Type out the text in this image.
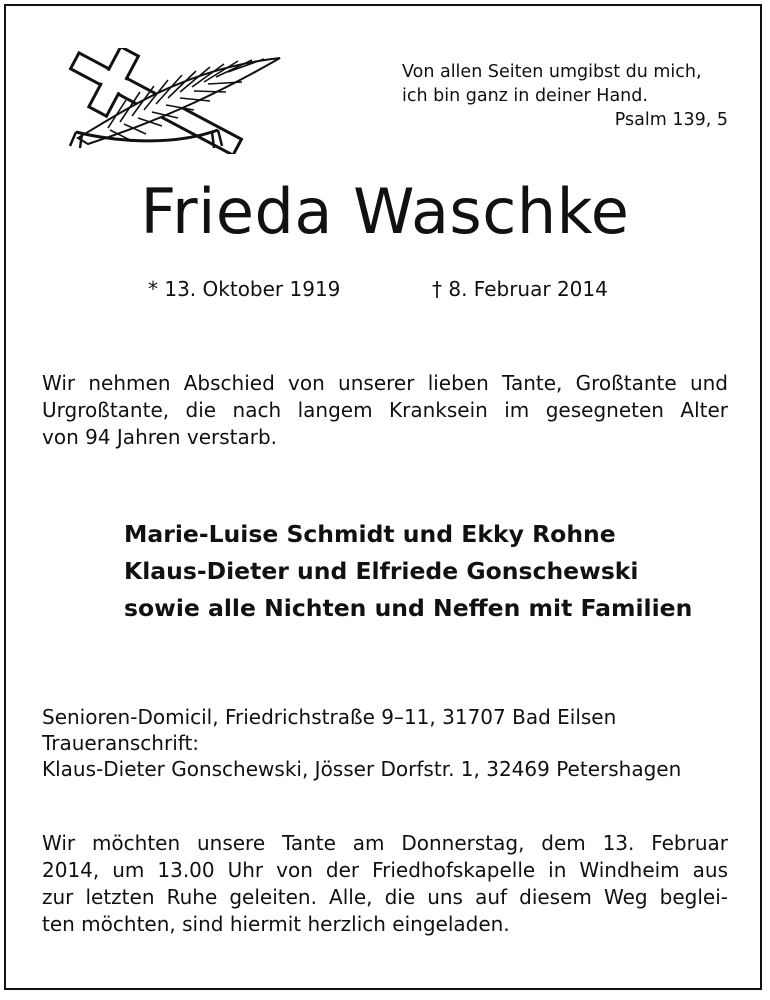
Von allen Seiten umgibst du mich,
ich bin ganz in deiner Hand.
Psalm 139, 5
Frieda Waschke
* 13. Oktober 1919	† 8. Februar 2014
Wir nehmen Abschied von unserer lieben Tante, Großtante und
Urgroßtante, die nach langem Kranksein im gesegneten Alter
von 94 Jahren verstarb.
Marie-Luise Schmidt und Ekky Rohne
Klaus-Dieter und Elfriede Gonschewski
sowie alle Nichten und Neffen mit Familien
Senioren-Domicil, Friedrichstraße 9–11, 31707 Bad Eilsen
Traueranschrift:
Klaus-Dieter Gonschewski, Jösser Dorfstr. 1, 32469 Petershagen
Wir möchten unsere Tante am Donnerstag, dem 13. Februar
2014, um 13.00 Uhr von der Friedhofskapelle in Windheim aus
zur letzten Ruhe geleiten. Alle, die uns auf diesem Weg beglei-
ten möchten, sind hiermit herzlich eingeladen.
